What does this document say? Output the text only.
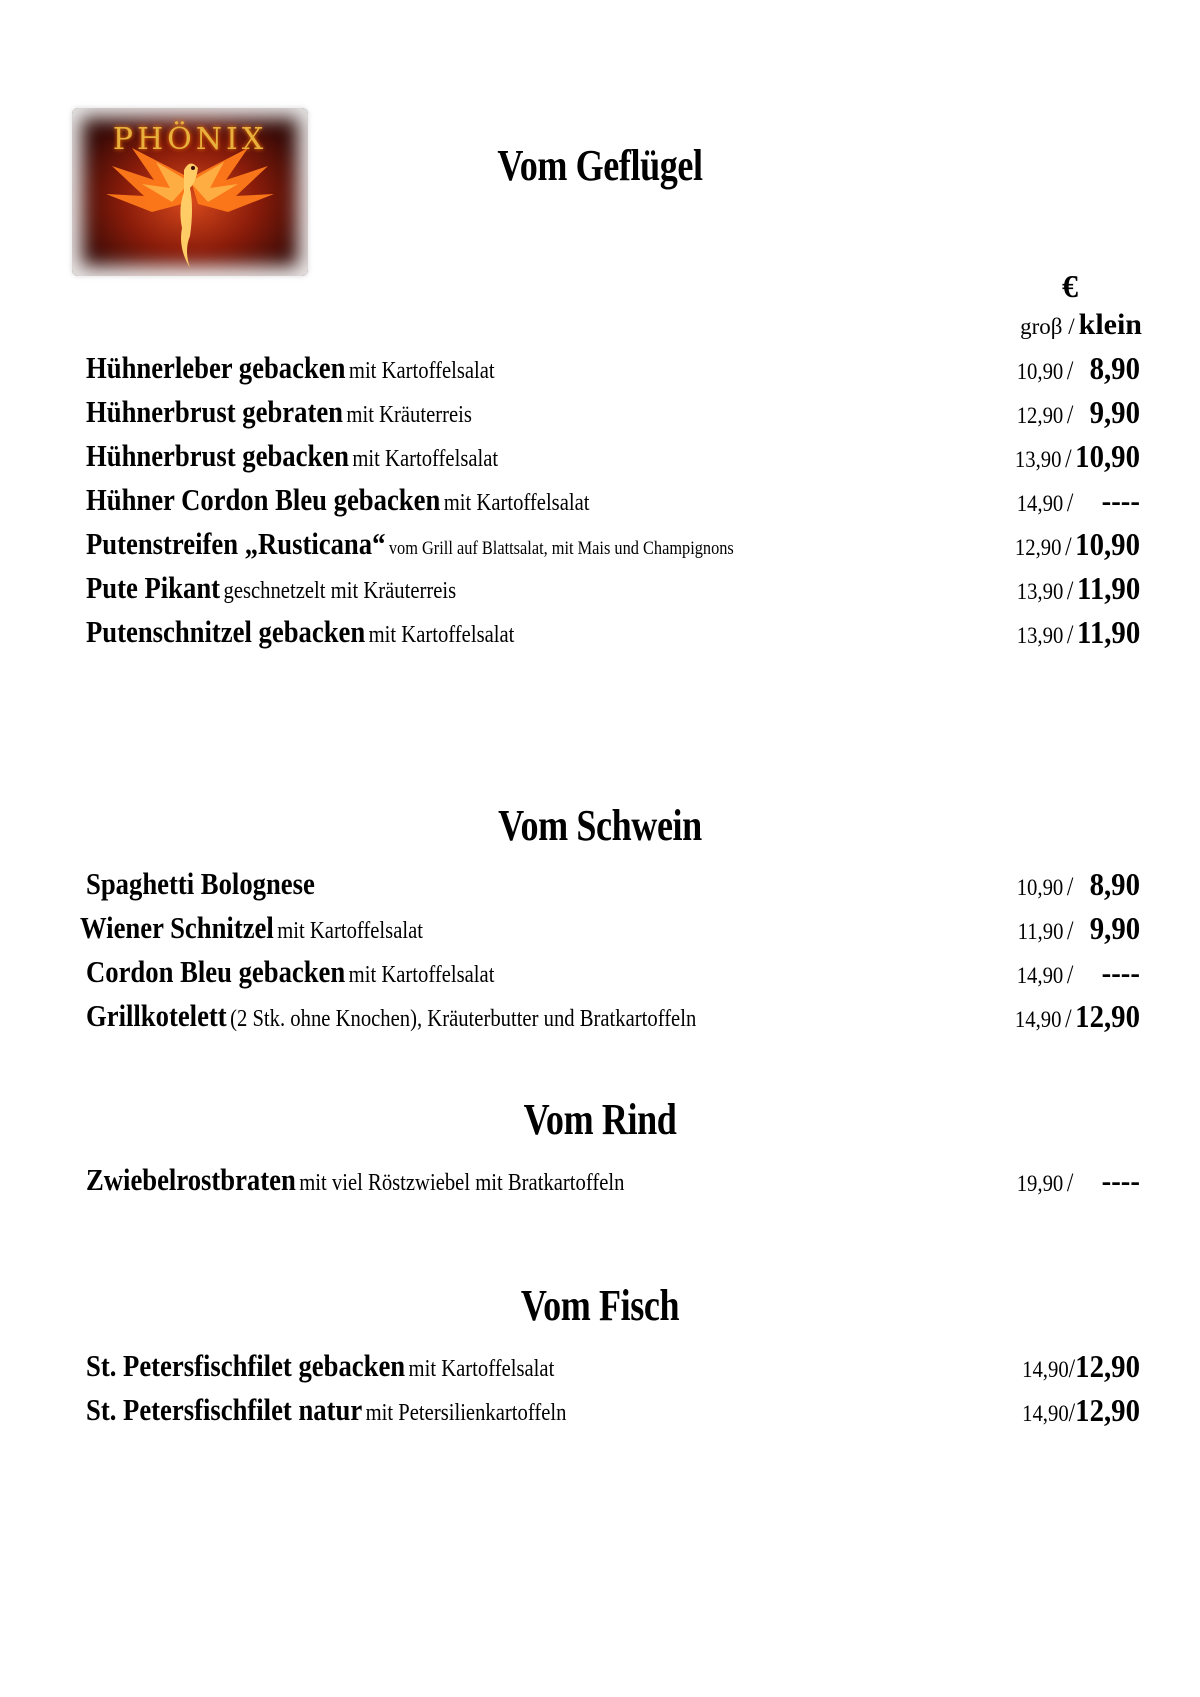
PHÖNIX
Vom Geflügel
€
groβ / klein
Hühnerleber gebacken mit Kartoffelsalat	10,90 / 8,90
Hühnerbrust gebraten mit Kräuterreis	12,90 / 9,90
Hühnerbrust gebacken mit Kartoffelsalat	13,90 / 10,90
Hühner Cordon Bleu gebacken mit Kartoffelsalat	14,90 / ----
Putenstreifen „Rusticana“ vom Grill auf Blattsalat, mit Mais und Champignons	12,90 / 10,90
Pute Pikant geschnetzelt mit Kräuterreis	13,90 / 11,90
Putenschnitzel gebacken mit Kartoffelsalat	13,90 / 11,90
Vom Schwein
Spaghetti Bolognese	10,90 / 8,90
Wiener Schnitzel mit Kartoffelsalat	11,90 / 9,90
Cordon Bleu gebacken mit Kartoffelsalat	14,90 / ----
Grillkotelett (2 Stk. ohne Knochen), Kräuterbutter und Bratkartoffeln	14,90 / 12,90
Vom Rind
Zwiebelrostbraten mit viel Röstzwiebel mit Bratkartoffeln	19,90 / ----
Vom Fisch
St. Petersfischfilet gebacken mit Kartoffelsalat	14,90/12,90
St. Petersfischfilet natur mit Petersilienkartoffeln	14,90/12,90
